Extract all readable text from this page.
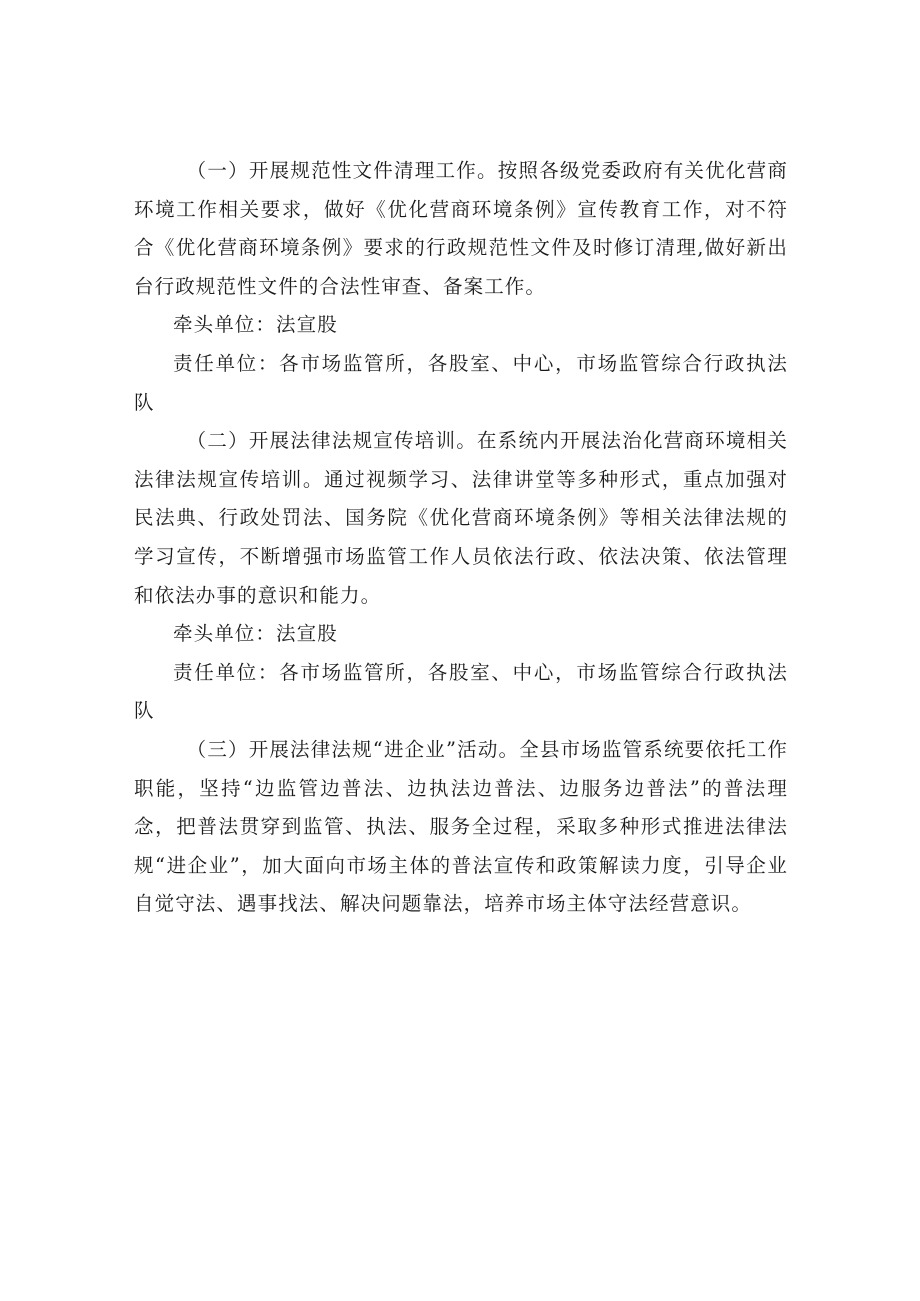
（一）开展规范性文件清理工作。按照各级党委政府有关优化营商环境工作相关要求，做好《优化营商环境条例》宣传教育工作，对不符合《优化营商环境条例》要求的行政规范性文件及时修订清理,做好新出台行政规范性文件的合法性审查、备案工作。

牵头单位：法宣股

责任单位：各市场监管所，各股室、中心，市场监管综合行政执法队

（二）开展法律法规宣传培训。在系统内开展法治化营商环境相关法律法规宣传培训。通过视频学习、法律讲堂等多种形式，重点加强对民法典、行政处罚法、国务院《优化营商环境条例》等相关法律法规的学习宣传，不断增强市场监管工作人员依法行政、依法决策、依法管理和依法办事的意识和能力。

牵头单位：法宣股

责任单位：各市场监管所，各股室、中心，市场监管综合行政执法队

（三）开展法律法规“进企业”活动。全县市场监管系统要依托工作职能，坚持“边监管边普法、边执法边普法、边服务边普法”的普法理念，把普法贯穿到监管、执法、服务全过程，采取多种形式推进法律法规“进企业”，加大面向市场主体的普法宣传和政策解读力度，引导企业自觉守法、遇事找法、解决问题靠法，培养市场主体守法经营意识。
